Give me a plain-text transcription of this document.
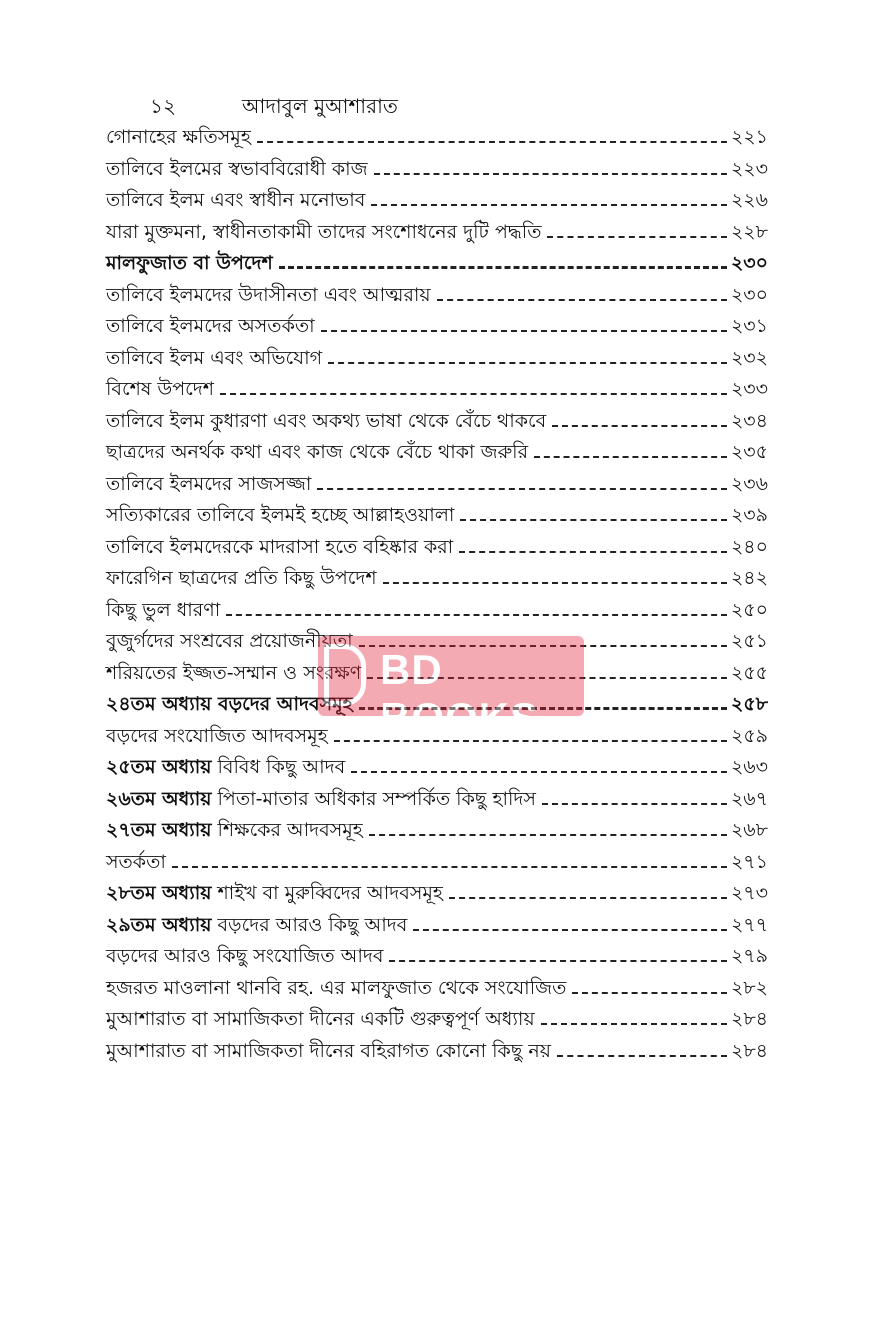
১২	আদাবুল মুআশারাত
গোনাহের ক্ষতিসমূহ	২২১
তালিবে ইলমের স্বভাববিরোধী কাজ	২২৩
তালিবে ইলম এবং স্বাধীন মনোভাব	২২৬
যারা মুক্তমনা, স্বাধীনতাকামী তাদের সংশোধনের দুটি পদ্ধতি	২২৮
মালফুজাত বা উপদেশ	২৩০
তালিবে ইলমদের উদাসীনতা এবং আত্মরায়	২৩০
তালিবে ইলমদের অসতর্কতা	২৩১
তালিবে ইলম এবং অভিযোগ	২৩২
বিশেষ উপদেশ	২৩৩
তালিবে ইলম কুধারণা এবং অকথ্য ভাষা থেকে বেঁচে থাকবে	২৩৪
ছাত্রদের অনর্থক কথা এবং কাজ থেকে বেঁচে থাকা জরুরি	২৩৫
তালিবে ইলমদের সাজসজ্জা	২৩৬
সত্যিকারের তালিবে ইলমই হচ্ছে আল্লাহওয়ালা	২৩৯
তালিবে ইলমদেরকে মাদরাসা হতে বহিষ্কার করা	২৪০
ফারেগিন ছাত্রদের প্রতি কিছু উপদেশ	২৪২
কিছু ভুল ধারণা	২৫০
বুজুর্গদের সংশ্রবের প্রয়োজনীয়তা	২৫১
শরিয়তের ইজ্জত-সম্মান ও সংরক্ষণ	২৫৫
২৪তম অধ্যায় বড়দের আদবসমূহ	২৫৮
বড়দের সংযোজিত আদবসমূহ	২৫৯
২৫তম অধ্যায় বিবিধ কিছু আদব	২৬৩
২৬তম অধ্যায় পিতা-মাতার অধিকার সম্পর্কিত কিছু হাদিস	২৬৭
২৭তম অধ্যায় শিক্ষকের আদবসমূহ	২৬৮
সতর্কতা	২৭১
২৮তম অধ্যায় শাইখ বা মুরুব্বিদের আদবসমূহ	২৭৩
২৯তম অধ্যায় বড়দের আরও কিছু আদব	২৭৭
বড়দের আরও কিছু সংযোজিত আদব	২৭৯
হজরত মাওলানা থানবি রহ. এর মালফুজাত থেকে সংযোজিত	২৮২
মুআশারাত বা সামাজিকতা দীনের একটি গুরুত্বপূর্ণ অধ্যায়	২৮৪
মুআশারাত বা সামাজিকতা দীনের বহিরাগত কোনো কিছু নয়	২৮৪
BD BOOKS
